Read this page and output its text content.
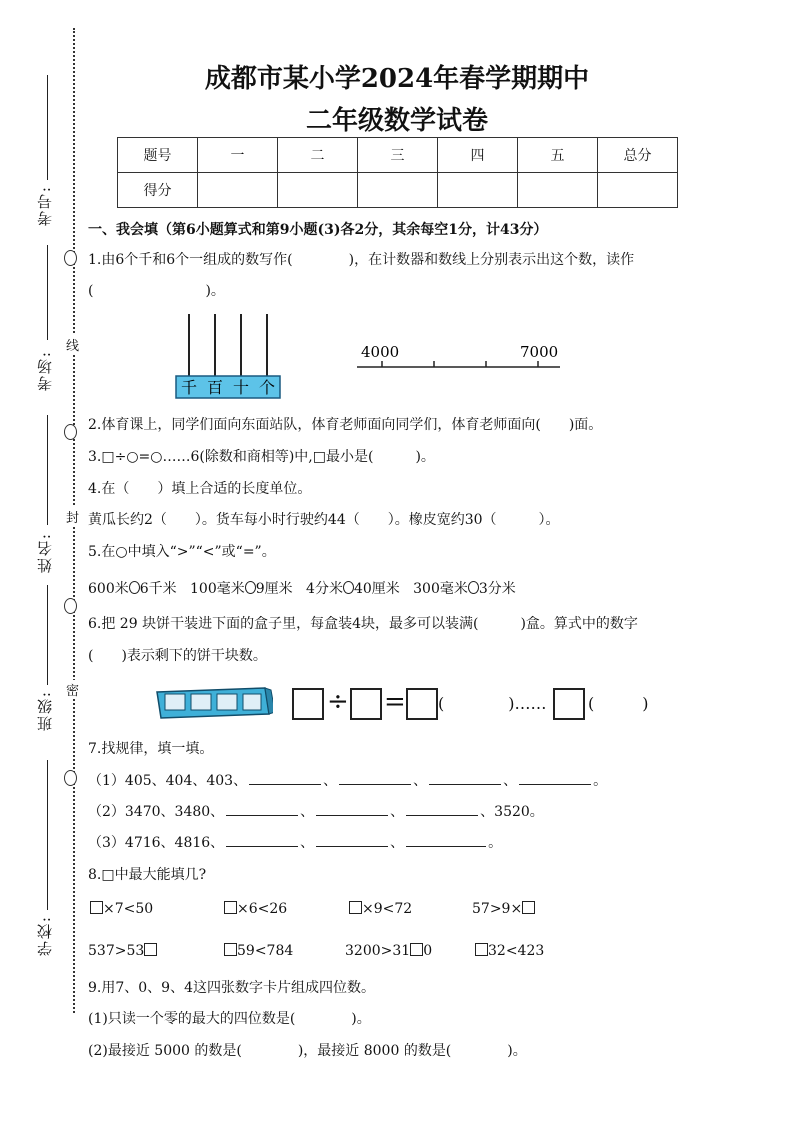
考号:
考场:
姓名:
班级:
学校:
线
封
密
成都市某小学2024年春学期期中
二年级数学试卷
题号	一	二	三	四	五	总分
得分						
一、我会填（第6小题算式和第9小题(3)各2分，其余每空1分，计43分）
1.由6个千和6个一组成的数写作(　　　　)，在计数器和数线上分别表示出这个数，读作
(　　　　　　　　)。
千 百 十 个
4000	7000
2.体育课上，同学们面向东面站队，体育老师面向同学们，体育老师面向(　　)面。
3.□÷○=○……6(除数和商相等)中,□最小是(　　　)。
4.在（　　）填上合适的长度单位。
黄瓜长约2（　　）。货车每小时行驶约44（　　）。橡皮宽约30（　　　）。
5.在○中填入“>”“<”或“=”。
600米 6千米 100毫米 9厘米 4分米 40厘米 300毫米 3分米
6.把 29 块饼干装进下面的盒子里，每盒装4块，最多可以装满(　　　)盒。算式中的数字
(　　)表示剩下的饼干块数。
÷ = (　　　　)……	(　　　)
7.找规律，填一填。
（1）405、404、403、	、	、	、	。
（2）3470、3480、	、	、	、3520。
（3）4716、4816、	、	、	。
8.□中最大能填几?
×7<50	×6<26	×9<72	57>9×
537>53	59<784	3200>31 0	32<423
9.用7、0、9、4这四张数字卡片组成四位数。
(1)只读一个零的最大的四位数是(　　　　)。
(2)最接近 5000 的数是(　　　　)，最接近 8000 的数是(　　　　)。
